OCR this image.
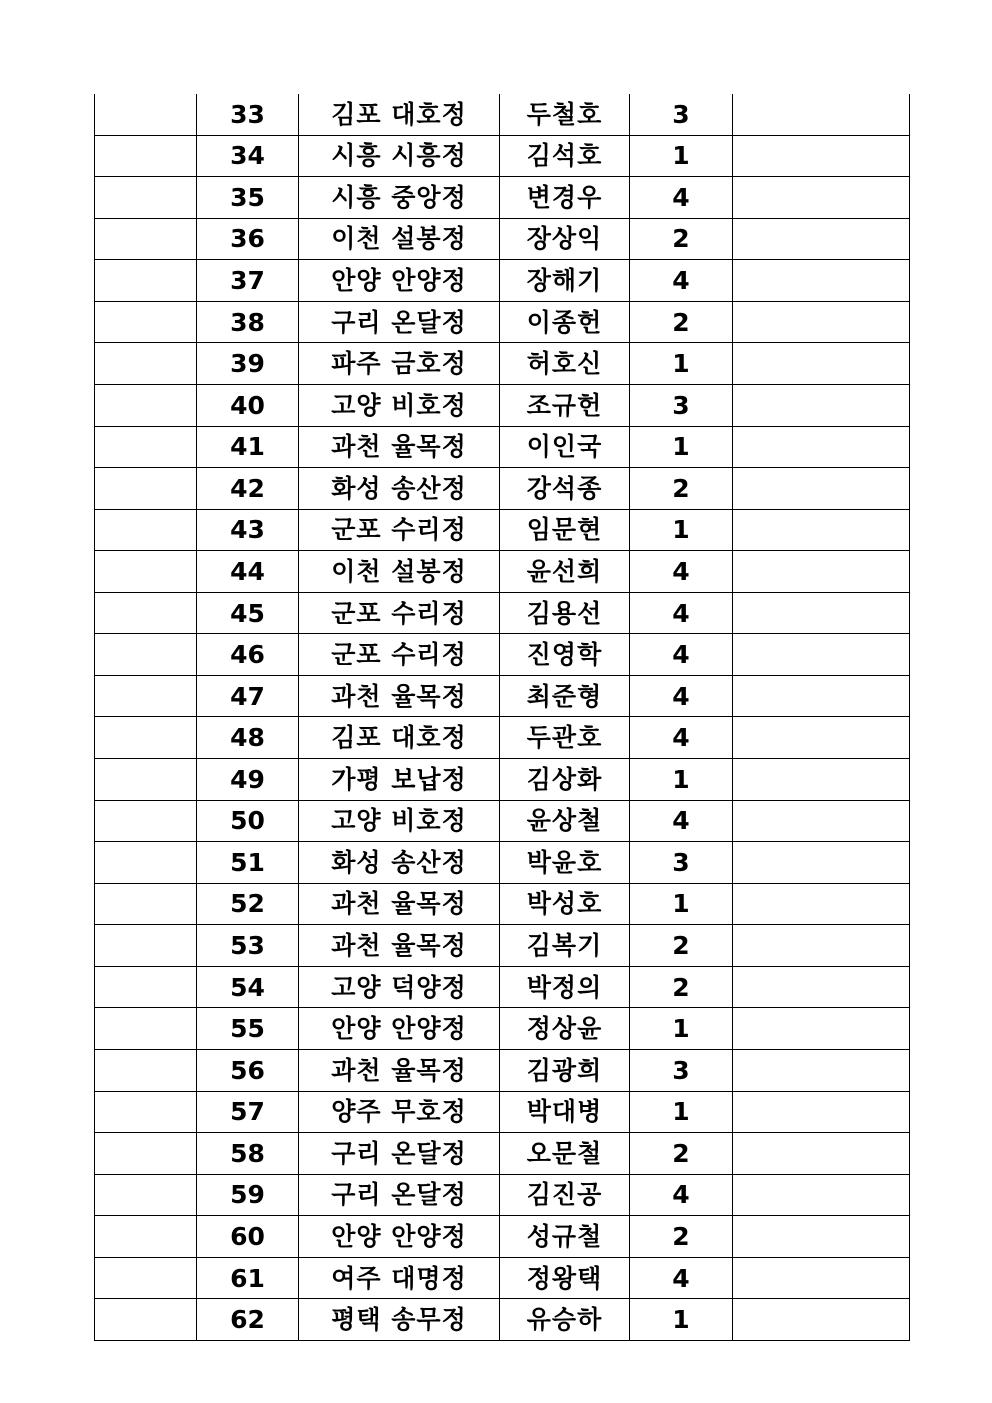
	33	김포 대호정	두철호	3	
	34	시흥 시흥정	김석호	1	
	35	시흥 중앙정	변경우	4	
	36	이천 설봉정	장상익	2	
	37	안양 안양정	장해기	4	
	38	구리 온달정	이종헌	2	
	39	파주 금호정	허호신	1	
	40	고양 비호정	조규헌	3	
	41	과천 율목정	이인국	1	
	42	화성 송산정	강석종	2	
	43	군포 수리정	임문현	1	
	44	이천 설봉정	윤선희	4	
	45	군포 수리정	김용선	4	
	46	군포 수리정	진영학	4	
	47	과천 율목정	최준형	4	
	48	김포 대호정	두관호	4	
	49	가평 보납정	김상화	1	
	50	고양 비호정	윤상철	4	
	51	화성 송산정	박윤호	3	
	52	과천 율목정	박성호	1	
	53	과천 율목정	김복기	2	
	54	고양 덕양정	박정의	2	
	55	안양 안양정	정상윤	1	
	56	과천 율목정	김광희	3	
	57	양주 무호정	박대병	1	
	58	구리 온달정	오문철	2	
	59	구리 온달정	김진공	4	
	60	안양 안양정	성규철	2	
	61	여주 대명정	정왕택	4	
	62	평택 송무정	유승하	1	
